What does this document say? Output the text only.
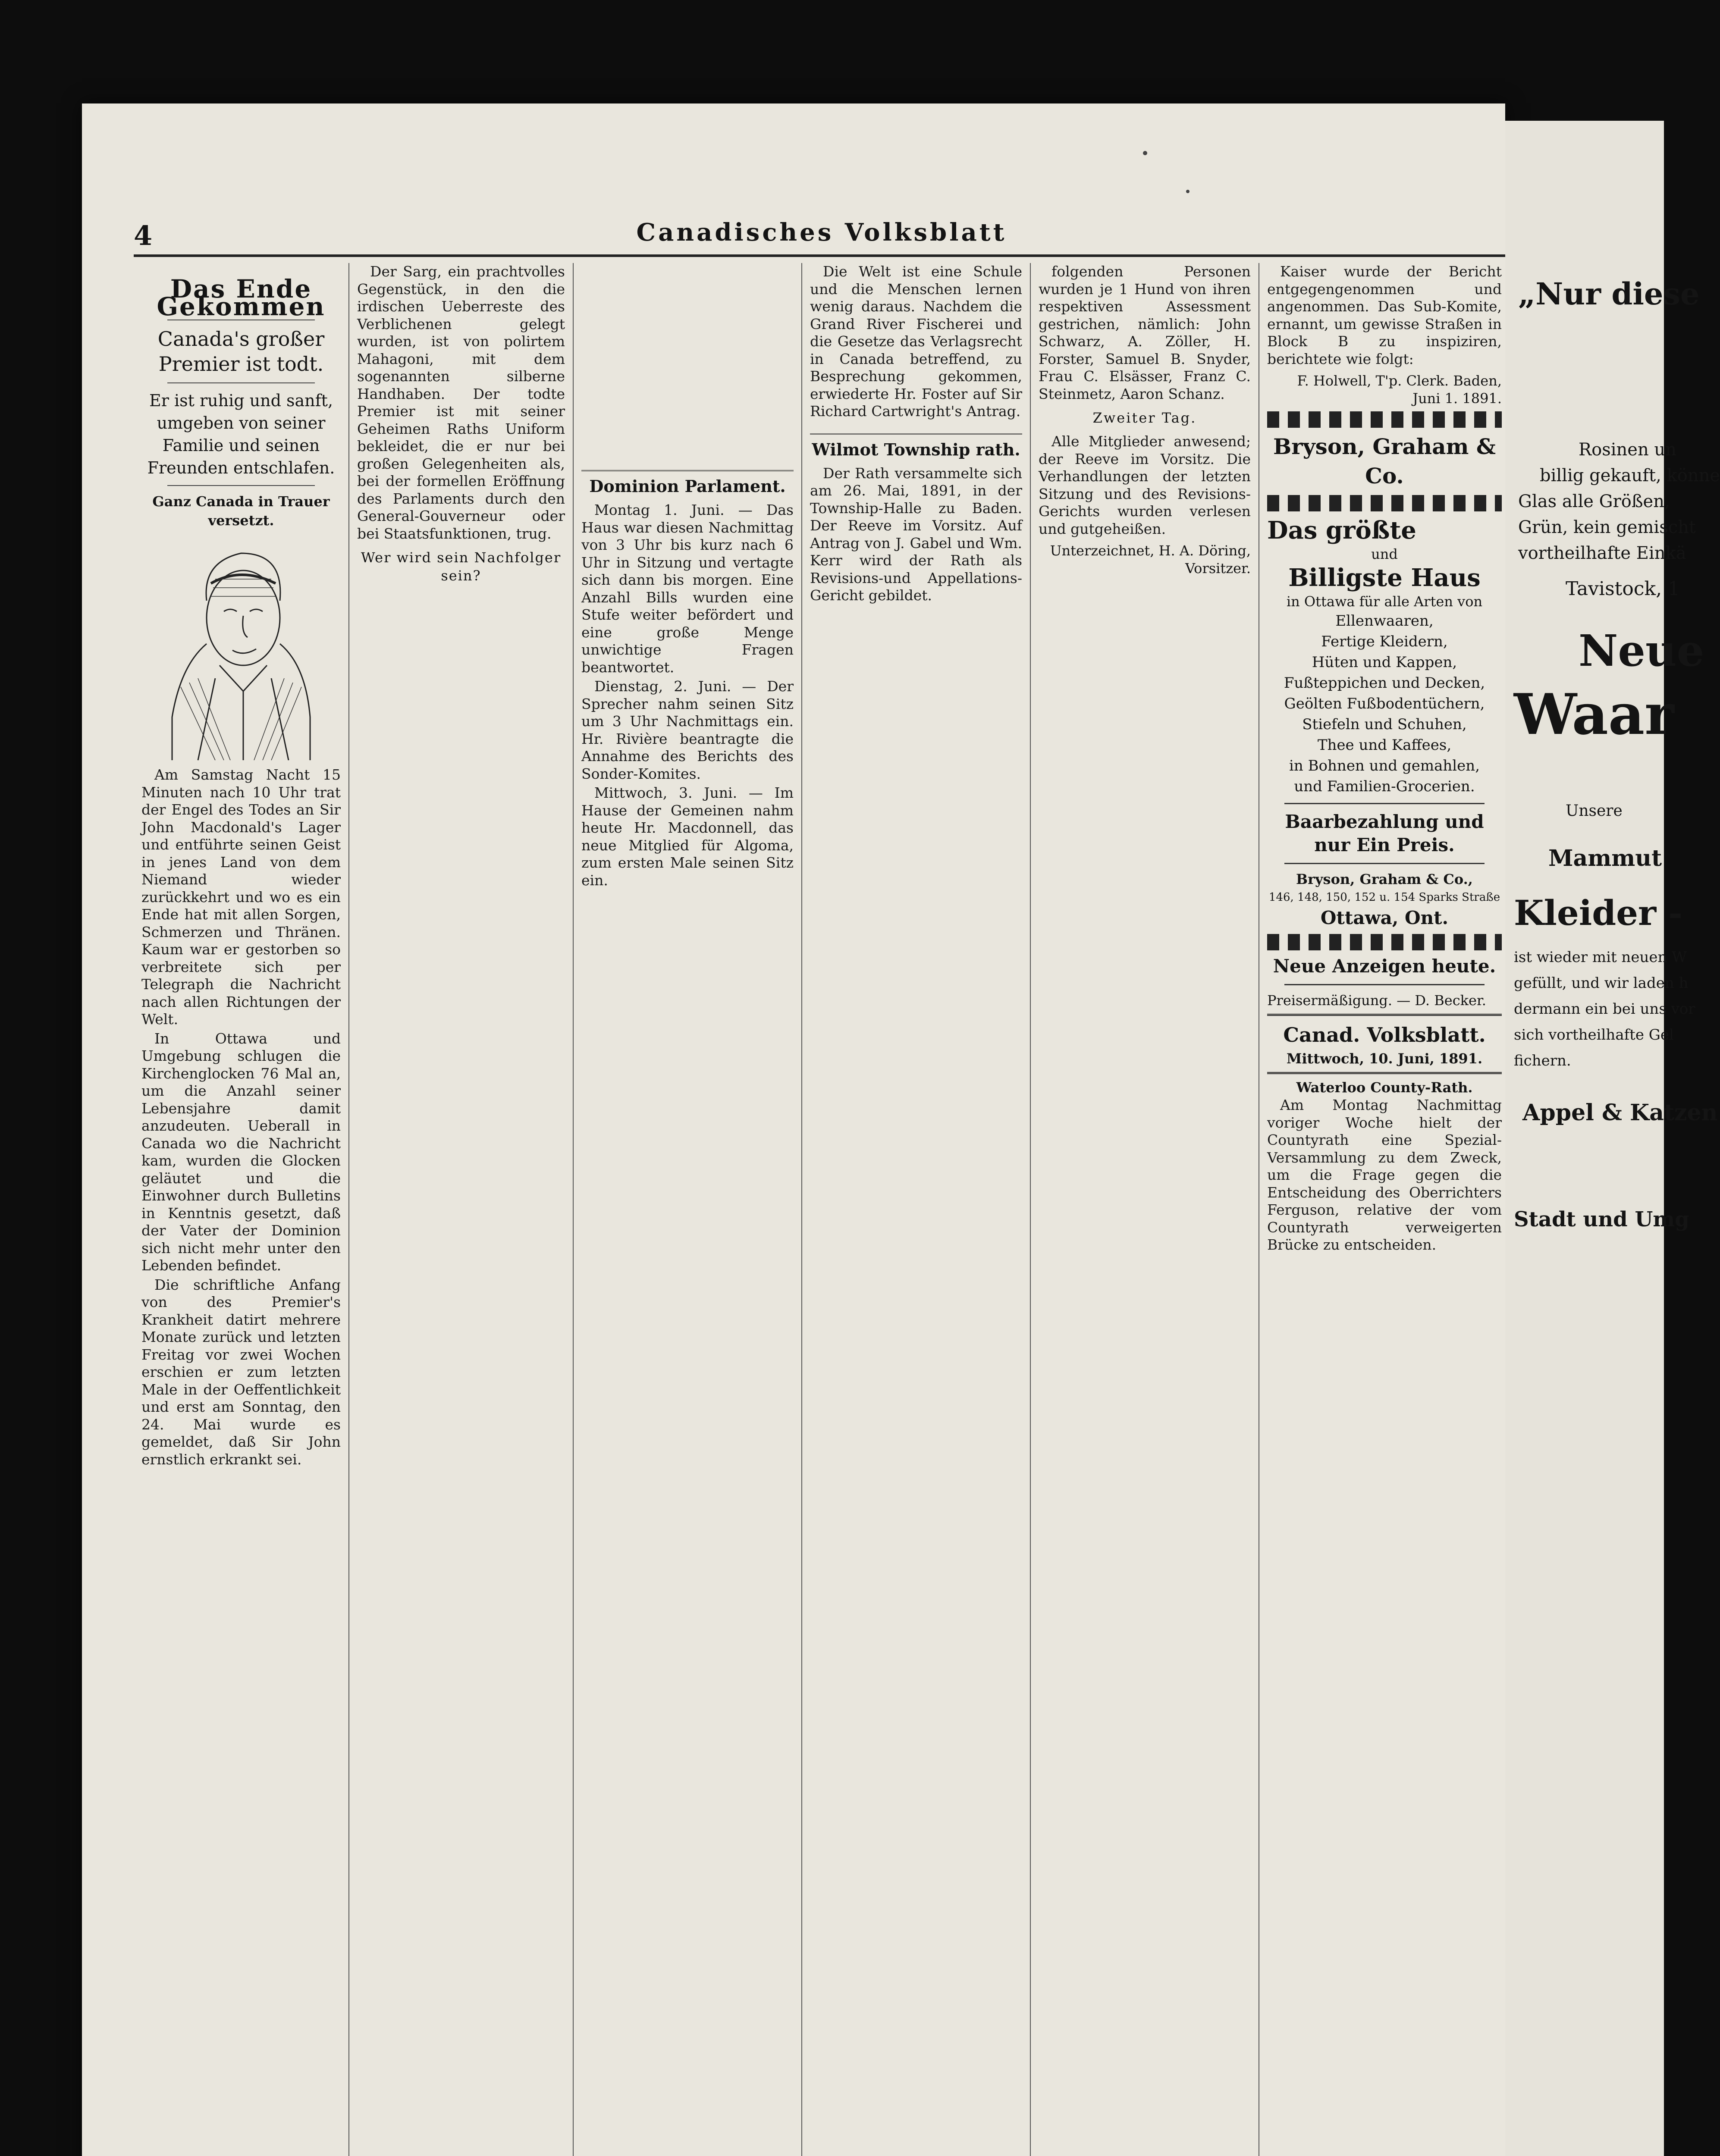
4	Canadisches Volksblatt
Das Ende Gekommen
Canada's großer Premier ist todt.
Er ist ruhig und sanft, umgeben von seiner Familie und seinen Freunden entschlafen.
Ganz Canada in Trauer versetzt.

Am Samstag Nacht 15 Minuten nach 10 Uhr trat der Engel des Todes an Sir John Macdonald's Lager und entführte seinen Geist in jenes Land von dem Niemand wieder zurückkehrt und wo es ein Ende hat mit allen Sorgen, Schmerzen und Thränen. Kaum war er gestorben so verbreitete sich per Telegraph die Nachricht nach allen Richtungen der Welt.

In Ottawa und Umgebung schlugen die Kirchenglocken 76 Mal an, um die Anzahl seiner Lebensjahre damit anzudeuten. Ueberall in Canada wo die Nachricht kam, wurden die Glocken geläutet und die Einwohner durch Bulletins in Kenntnis gesetzt, daß der Vater der Dominion sich nicht mehr unter den Lebenden befindet.

Die schriftliche Anfang von des Premier's Krankheit datirt mehrere Monate zurück und letzten Freitag vor zwei Wochen erschien er zum letzten Male in der Oeffentlichkeit und erst am Sonntag, den 24. Mai wurde es gemeldet, daß Sir John ernstlich erkrankt sei.

Der Sarg, ein prachtvolles Gegenstück, in den die irdischen Ueberreste des Verblichenen gelegt wurden, ist von polirtem Mahagoni, mit dem sogenannten silberne Handhaben. Der todte Premier ist mit seiner Geheimen Raths Uniform bekleidet, die er nur bei großen Gelegenheiten als, bei der formellen Eröffnung des Parlaments durch den General-Gouverneur oder bei Staatsfunktionen, trug.

Wer wird sein Nachfolger sein?
Dominion Parlament.

Montag 1. Juni. — Das Haus war diesen Nachmittag von 3 Uhr bis kurz nach 6 Uhr in Sitzung und vertagte sich dann bis morgen. Eine Anzahl Bills wurden eine Stufe weiter befördert und eine große Menge unwichtige Fragen beantwortet.

Dienstag, 2. Juni. — Der Sprecher nahm seinen Sitz um 3 Uhr Nachmittags ein. Hr. Rivière beantragte die Annahme des Berichts des Sonder-Komites.

Mittwoch, 3. Juni. — Im Hause der Gemeinen nahm heute Hr. Macdonnell, das neue Mitglied für Algoma, zum ersten Male seinen Sitz ein.

Die Welt ist eine Schule und die Menschen lernen wenig daraus. Nachdem die Grand River Fischerei und die Gesetze das Verlagsrecht in Canada betreffend, zu Besprechung gekommen, erwiederte Hr. Foster auf Sir Richard Cartwright's Antrag.

Wilmot Township rath.

Der Rath versammelte sich am 26. Mai, 1891, in der Township-Halle zu Baden. Der Reeve im Vorsitz. Auf Antrag von J. Gabel und Wm. Kerr wird der Rath als Revisions-und Appellations-Gericht gebildet.

folgenden Personen wurden je 1 Hund von ihren respektiven Assessment gestrichen, nämlich: John Schwarz, A. Zöller, H. Forster, Samuel B. Snyder, Frau C. Elsässer, Franz C. Steinmetz, Aaron Schanz.

Zweiter Tag.

Alle Mitglieder anwesend; der Reeve im Vorsitz. Die Verhandlungen der letzten Sitzung und des Revisions-Gerichts wurden verlesen und gutgeheißen.

Unterzeichnet, H. A. Döring, Vorsitzer.

Kaiser wurde der Bericht entgegengenommen und angenommen. Das Sub-Komite, ernannt, um gewisse Straßen in Block B zu inspiziren, berichtete wie folgt:

F. Holwell, T'p. Clerk. Baden, Juni 1. 1891.
Bryson, Graham & Co.
Das größte
und
Billigste Haus
in Ottawa für alle Arten von
Ellenwaaren,
Fertige Kleidern,
Hüten und Kappen,
Fußteppichen und Decken,
Geölten Fußbodentüchern,
Stiefeln und Schuhen,
Thee und Kaffees,
in Bohnen und gemahlen,
und Familien-Grocerien.
Baarbezahlung und nur Ein Preis.
Bryson, Graham & Co.,
146, 148, 150, 152 u. 154 Sparks Straße
Ottawa, Ont.
Neue Anzeigen heute.
Preisermäßigung. — D. Becker.
Canad. Volksblatt.
Mittwoch, 10. Juni, 1891.
Waterloo County-Rath.

Am Montag Nachmittag voriger Woche hielt der Countyrath eine Spezial-Versammlung zu dem Zweck, um die Frage gegen die Entscheidung des Oberrichters Ferguson, relative der vom Countyrath verweigerten Brücke zu entscheiden.

„Nur diese
Rosinen un
billig gekauft, könne
Glas alle Größen,
Grün, kein gemischt
vortheilhafte Einkä
Tavistock, 1
Neue
Waar
Unsere
Mammut
Kleider -
ist wieder mit neuen W
gefüllt, und wir laden h
dermann ein bei uns vor
sich vortheilhafte Gel
fichern.
Appel & Katzen
Stadt und Umg
